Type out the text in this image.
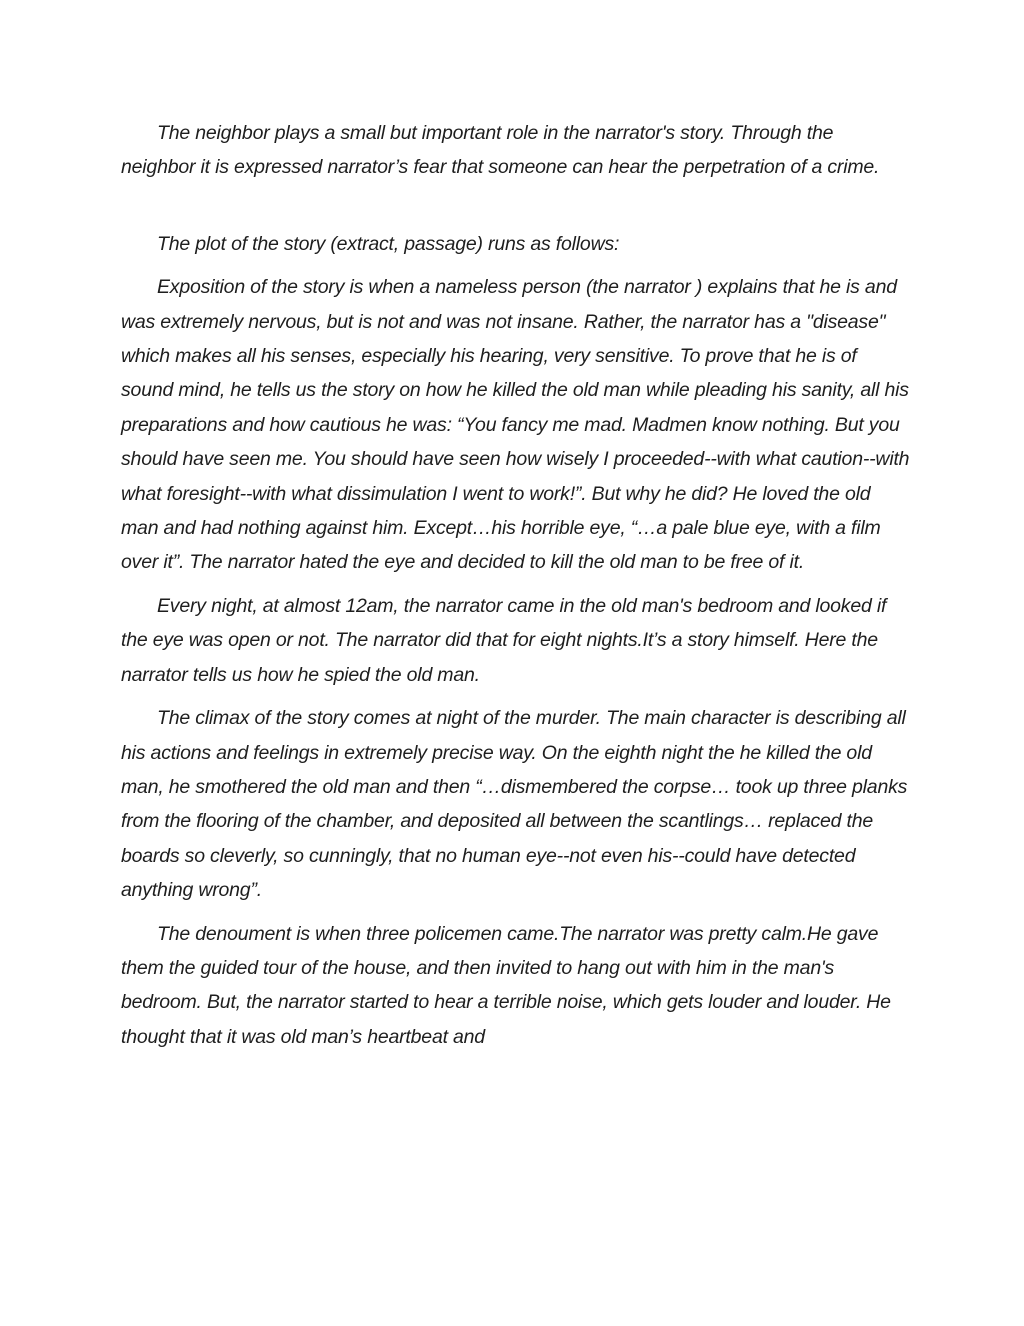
The neighbor plays a small but important role in the narrator's story. Through the neighbor it is expressed narrator’s fear that someone can hear the perpetration of a crime.

The plot of the story (extract, passage) runs as follows:

Exposition of the story is when a nameless person (the narrator ) explains that he is and was extremely nervous, but is not and was not insane. Rather, the narrator has a "disease" which makes all his senses, especially his hearing, very sensitive. To prove that he is of sound mind, he tells us the story on how he killed the old man while pleading his sanity, all his preparations and how cautious he was: “You fancy me mad. Madmen know nothing. But you should have seen me. You should have seen how wisely I proceeded--with what caution--with what foresight--with what dissimulation I went to work!”. But why he did? He loved the old man and had nothing against him. Except…his horrible eye, “…a pale blue eye, with a film over it”. The narrator hated the eye and decided to kill the old man to be free of it.

Every night, at almost 12am, the narrator came in the old man's bedroom and looked if the eye was open or not. The narrator did that for eight nights.It’s a story himself. Here the narrator tells us how he spied the old man.

The climax of the story comes at night of the murder. The main character is describing all his actions and feelings in extremely precise way. On the eighth night the he killed the old man, he smothered the old man and then “…dismembered the corpse… took up three planks from the flooring of the chamber, and deposited all between the scantlings… replaced the boards so cleverly, so cunningly, that no human eye--not even his--could have detected anything wrong”.

The denoument is when three policemen came.The narrator was pretty calm.He gave them the guided tour of the house, and then invited to hang out with him in the man's bedroom. But, the narrator started to hear a terrible noise, which gets louder and louder. He thought that it was old man’s heartbeat and
